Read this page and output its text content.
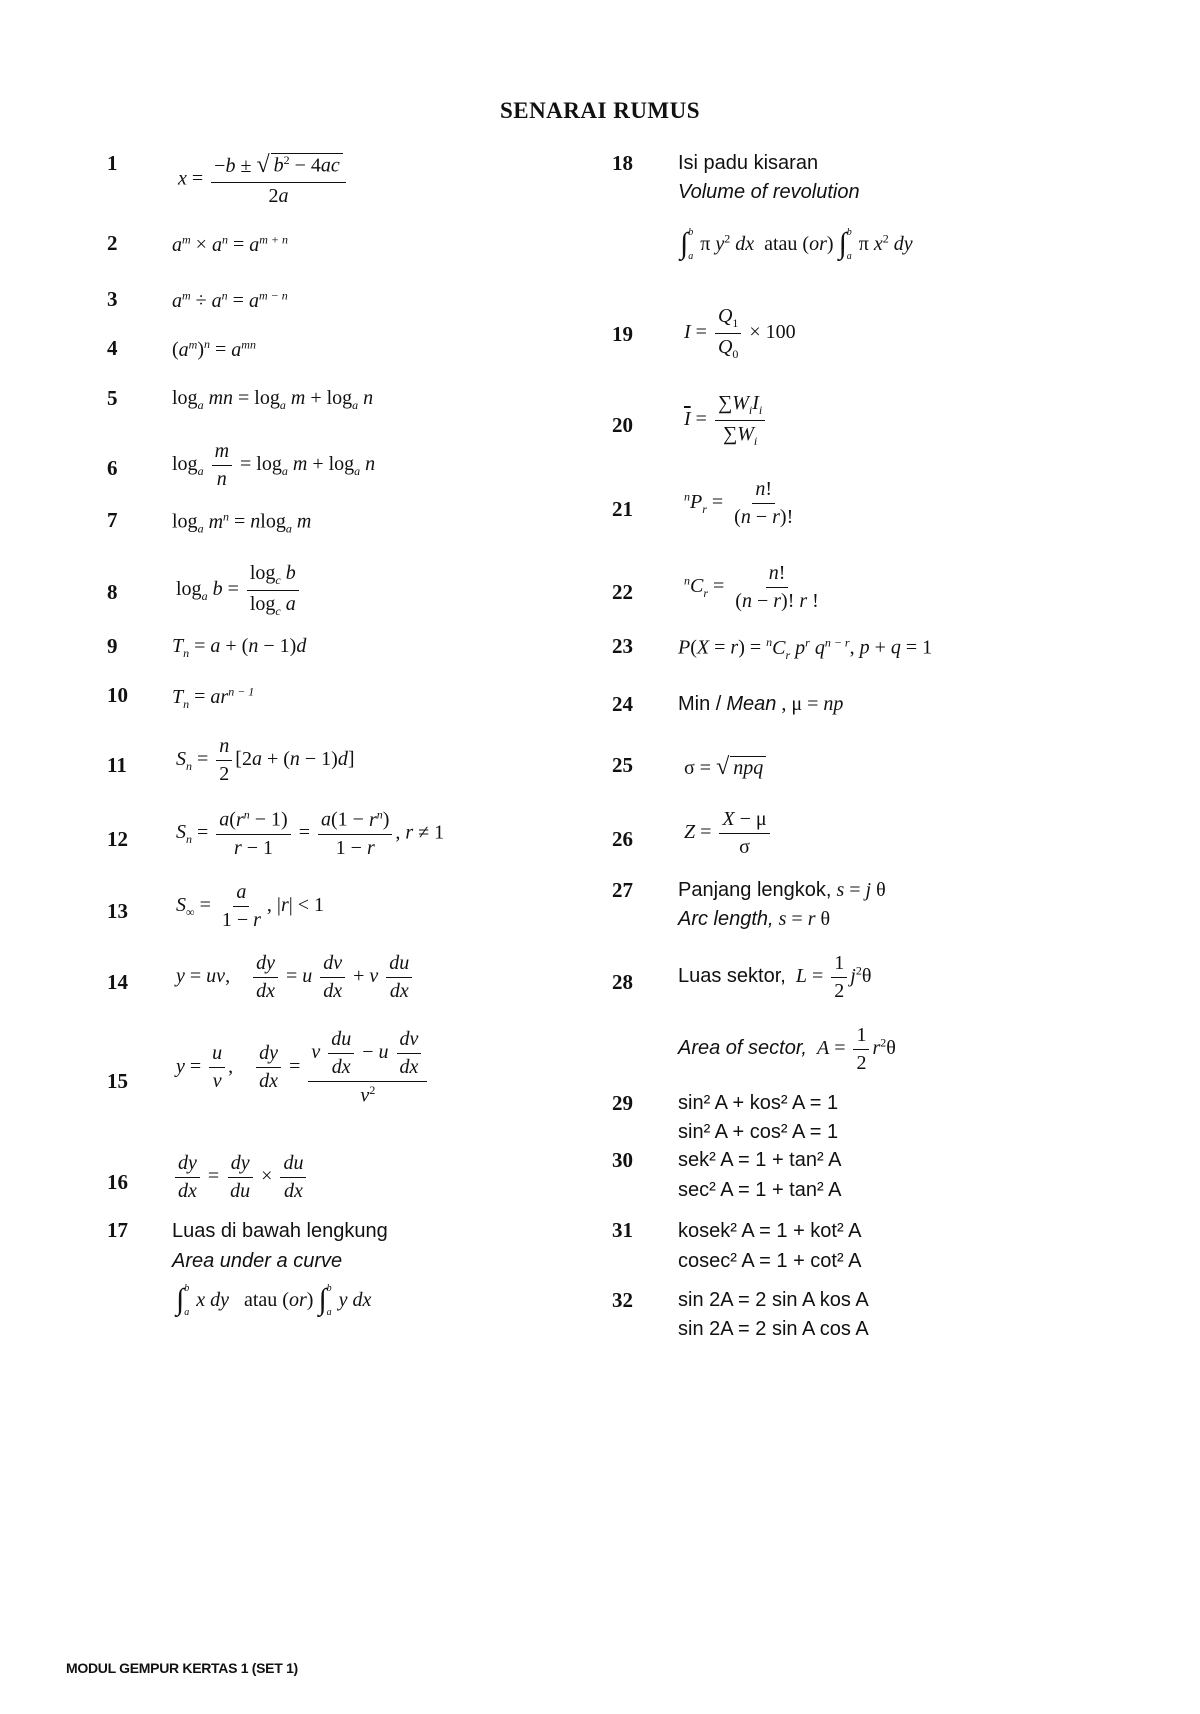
SENARAI RUMUS
1
2
3
4
5
6
7
8
9
10
11
12
13
14
15
16
17
18
19
20
21
22
23
24
25
26
27
28
29
30
31
32
$x = \frac{-b \pm √ b^2 - 4ac}{2a}$
$a^m \times a^n = a^{m + n}$
$a^m \div a^n = a^{m - n}$
$(a^m)^n = a^{mn}$
$\log_a$ mn = $\log_a m + \log_a n$
$\log_a \frac{m}{n} = \log_a m + \log_a n$
$\log_a m^n = nlog_a$ m
$\log_a b = \frac{\log_c b}{\log_c a}$
$T_n = a + (n - 1)d$
$T_n = ar^{n - 1}$
$S_n = \frac{n}{2} [2a + (n - 1)d]$
$S_n = \frac{a(r^n - 1)}{r - 1} = \frac{a(1 - r^n)}{1 - r}$ , r ≠ 1
$S_\infty = \frac{a}{1 - r}$ , |r| < 1
y = uv, $\frac{dy}{dx} = u \frac{dv}{dx} + v \frac{du}{dx}$
$y = \frac{u}{v}$ , $\frac{dy}{dx} = \frac{v \frac{du}{dx} - u \frac{dv}{dx}}{v^2}$
$\frac{dy}{dx} = \frac{dy}{du} \times \frac{du}{dx}$
Luas di bawah lengkung
Area under a curve
∫ b
a
x dy atau (or) ∫ b
a
y dx
Isi padu kisaran
Volume of revolution
∫ b
a
π $y^2$ dx atau (or) ∫ b
a
π $x^2$ dy
$I = \frac{Q_1}{Q_0} \times 100$
$\overline{I} = \frac{\sum W_iI_i}{\sum W_i}$
$^nP_r = \frac{n!}{(n - r)!}$
$^nC_r = \frac{n!}{(n - r)! r !}$
$P(X = r) = ^nC_r$ $p^r$ $q^{n - r}$, p + q = 1
Min / Mean , μ = np
σ = √ npq
$Z = \frac{X - \mu}{\sigma}$
Panjang lengkok, s = j θ
Arc length, s = r θ
Luas sektor, $L = \frac{1}{2} j^2\theta$
Area of sector, $A = \frac{1}{2} r^2\theta$
sin² A + kos² A = 1
sin² A + cos² A = 1
sek² A = 1 + tan² A
sec² A = 1 + tan² A
kosek² A = 1 + kot² A
cosec² A = 1 + cot² A
sin 2A = 2 sin A kos A
sin 2A = 2 sin A cos A
MODUL GEMPUR KERTAS 1 (SET 1)
